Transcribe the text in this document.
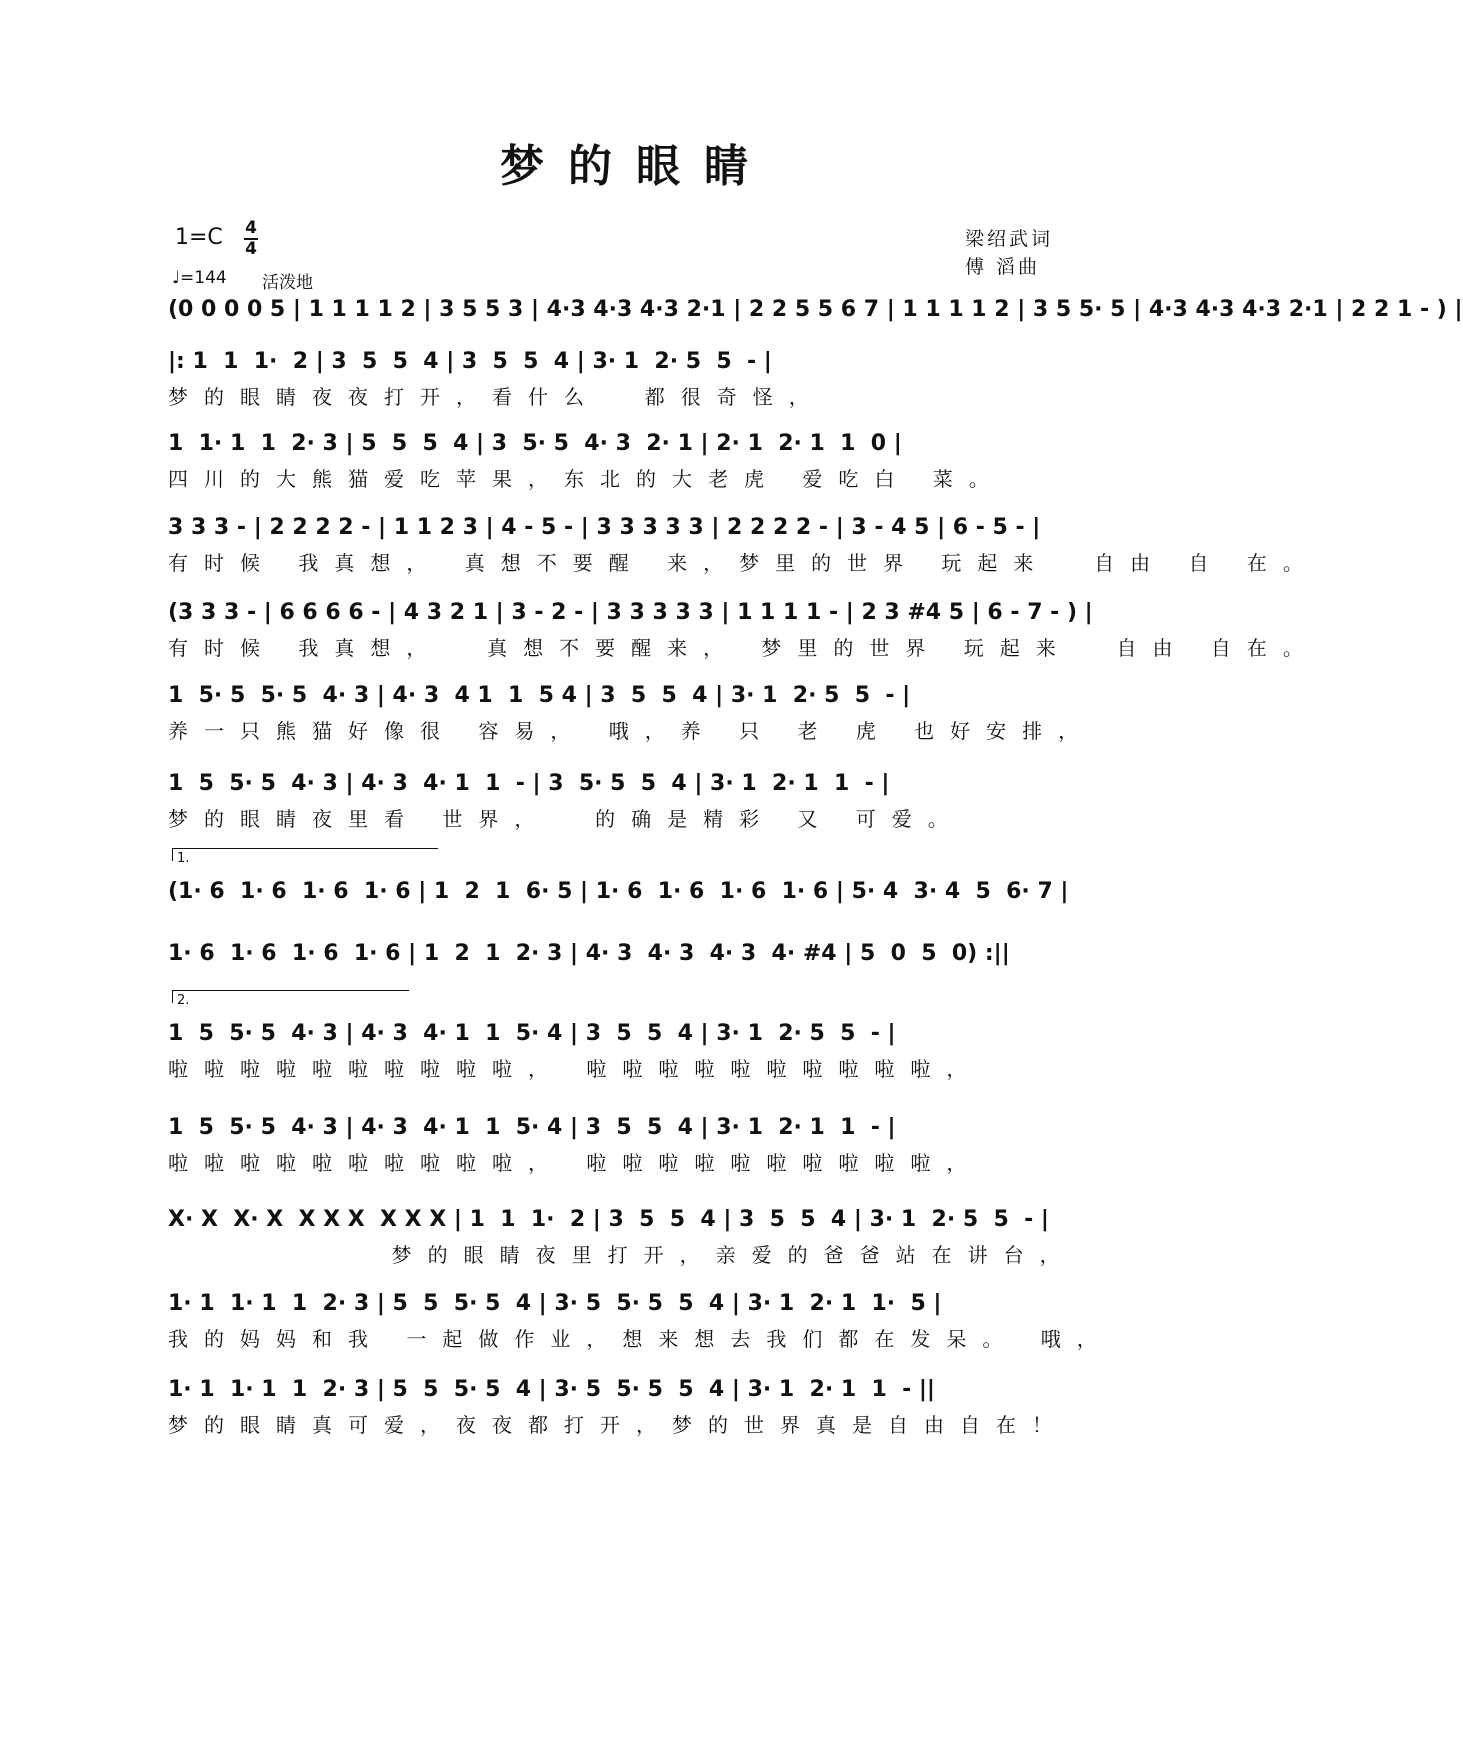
梦的眼睛
1=C 4
4
♩=144 活泼地
梁绍武词
傅 滔曲
(0 0 0 0 5 | 1 1 1 1 2 | 3 5 5 3 | 4·3 4·3 4·3 2·1 | 2 2 5 5 6 7 | 1 1 1 1 2 | 3 5 5· 5 | 4·3 4·3 4·3 2·1 | 2 2 1 - ) |
|: 1  1  1·  2 | 3  5  5  4 | 3  5  5  4 | 3· 1  2· 5  5  - |
梦的眼睛夜夜打开，看什么  都很奇怪，
1  1· 1  1  2· 3 | 5  5  5  4 | 3  5· 5  4· 3  2· 1 | 2· 1  2· 1  1  0 |
四川的大熊猫爱吃苹果，东北的大老虎 爱吃白 菜。
3 3 3 - | 2 2 2 2 - | 1 1 2 3 | 4 - 5 - | 3 3 3 3 3 | 2 2 2 2 - | 3 - 4 5 | 6 - 5 - |
有时候 我真想， 真想不要醒 来，梦里的世界 玩起来  自由 自 在。
(3 3 3 - | 6 6 6 6 - | 4 3 2 1 | 3 - 2 - | 3 3 3 3 3 | 1 1 1 1 - | 2 3 #4 5 | 6 - 7 - ) |
有时候 我真想，  真想不要醒来， 梦里的世界 玩起来  自由 自在。
1  5· 5  5· 5  4· 3 | 4· 3  4 1  1  5 4 | 3  5  5  4 | 3· 1  2· 5  5  - |
养一只熊猫好像很 容易， 哦，养 只 老 虎 也好安排，
1  5  5· 5  4· 3 | 4· 3  4· 1  1  - | 3  5· 5  5  4 | 3· 1  2· 1  1  - |
梦的眼睛夜里看 世界，  的确是精彩 又 可爱。
1.
(1· 6  1· 6  1· 6  1· 6 | 1  2  1  6· 5 | 1· 6  1· 6  1· 6  1· 6 | 5· 4  3· 4  5  6· 7 |
1· 6  1· 6  1· 6  1· 6 | 1  2  1  2· 3 | 4· 3  4· 3  4· 3  4· #4 | 5  0  5  0) :||
2.
1  5  5· 5  4· 3 | 4· 3  4· 1  1  5· 4 | 3  5  5  4 | 3· 1  2· 5  5  - |
啦啦啦啦啦啦啦啦啦啦， 啦啦啦啦啦啦啦啦啦啦，
1  5  5· 5  4· 3 | 4· 3  4· 1  1  5· 4 | 3  5  5  4 | 3· 1  2· 1  1  - |
啦啦啦啦啦啦啦啦啦啦， 啦啦啦啦啦啦啦啦啦啦，
X· X  X· X  X X X  X X X | 1  1  1·  2 | 3  5  5  4 | 3  5  5  4 | 3· 1  2· 5  5  - |
梦的眼睛夜里打开，亲爱的爸爸站在讲台，
1· 1  1· 1  1  2· 3 | 5  5  5· 5  4 | 3· 5  5· 5  5  4 | 3· 1  2· 1  1·  5 |
我的妈妈和我 一起做作业，想来想去我们都在发呆。 哦，
1· 1  1· 1  1  2· 3 | 5  5  5· 5  4 | 3· 5  5· 5  5  4 | 3· 1  2· 1  1  - ||
梦的眼睛真可爱，夜夜都打开，梦的世界真是自由自在！
